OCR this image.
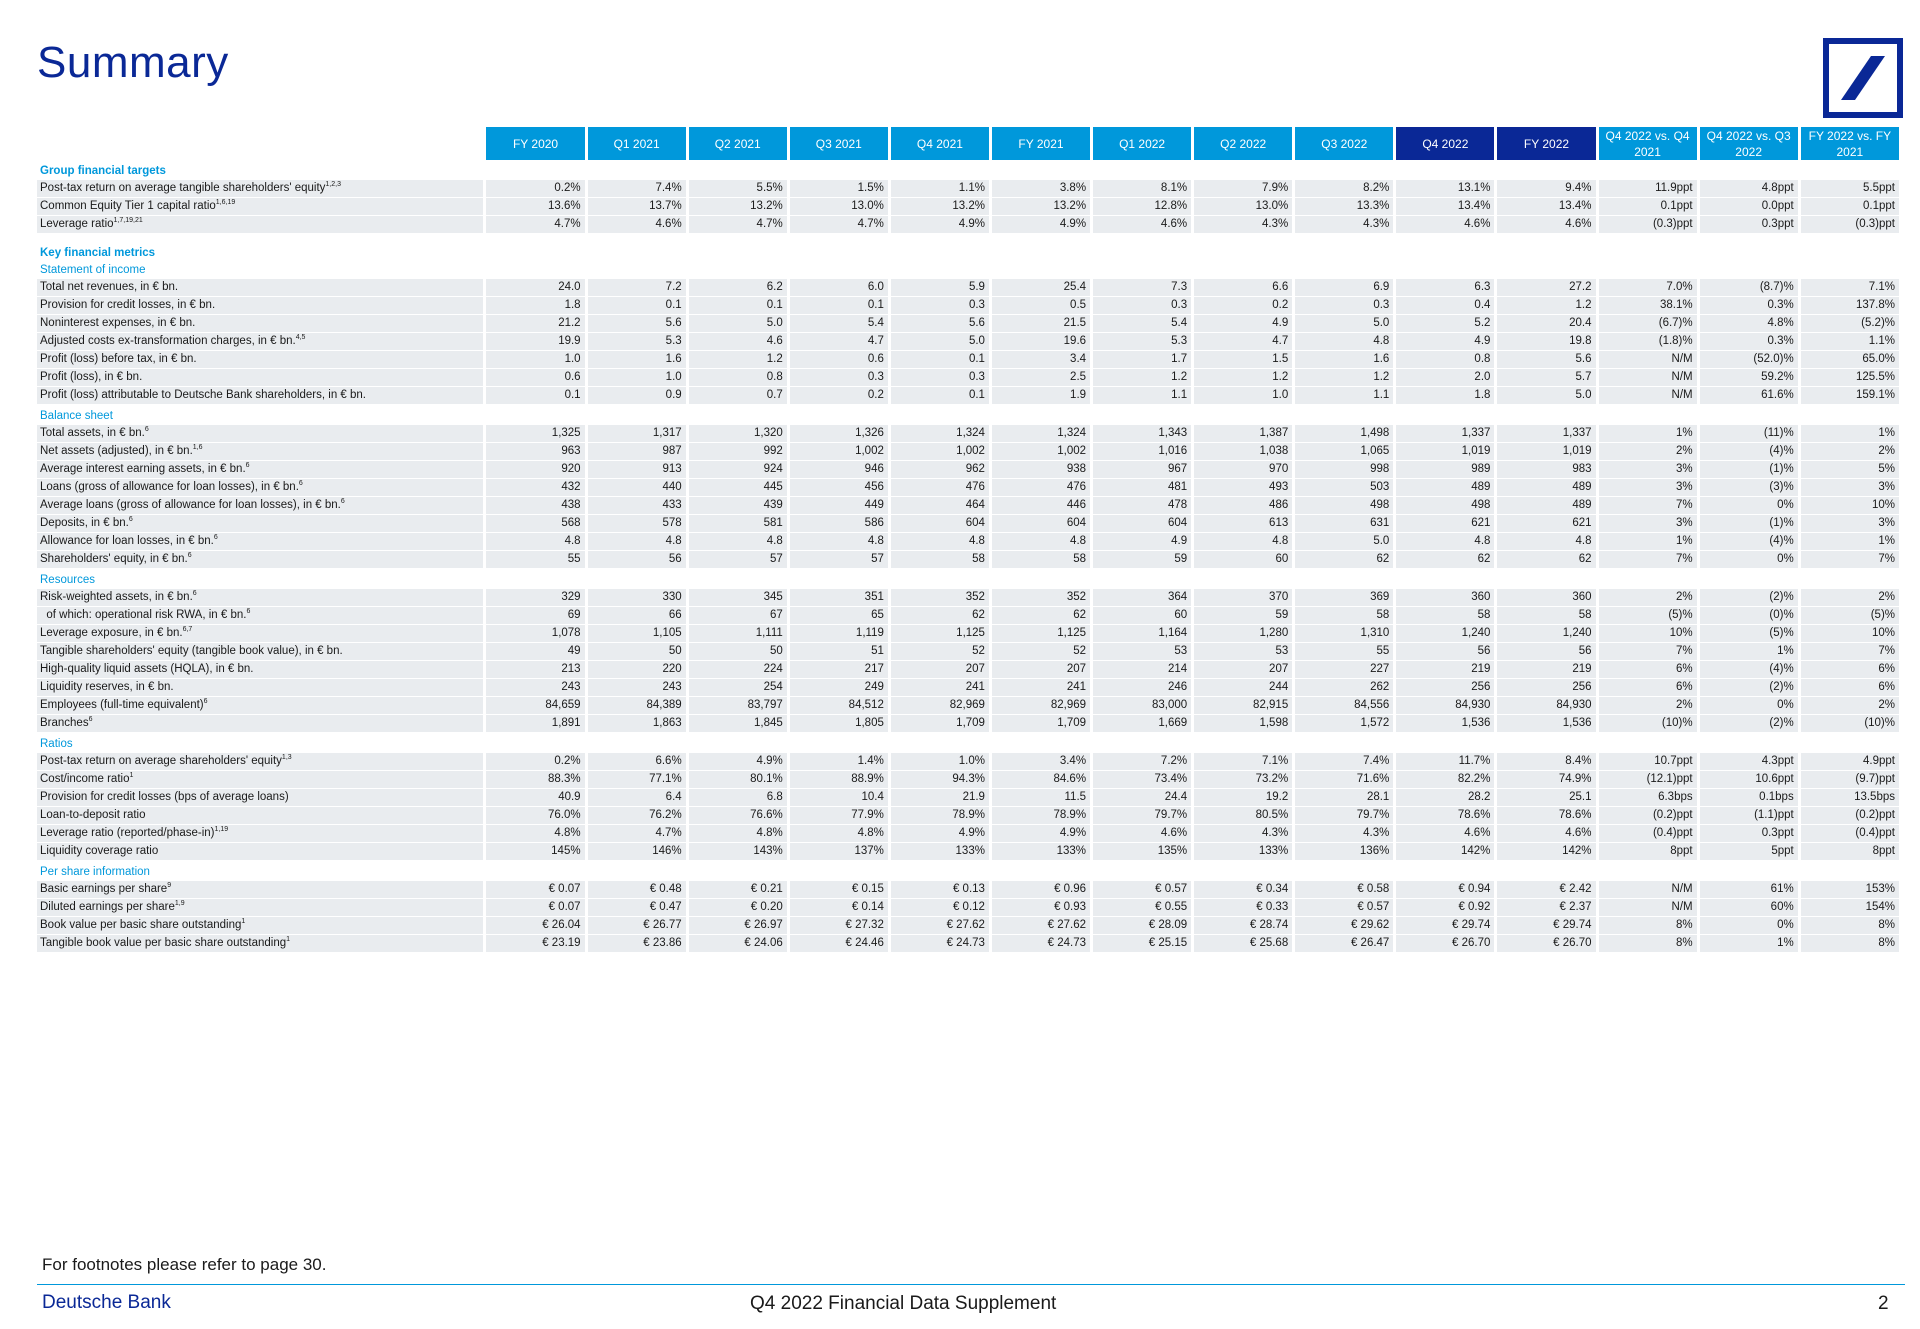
Summary
	FY 2020	Q1 2021	Q2 2021	Q3 2021	Q4 2021	FY 2021	Q1 2022	Q2 2022	Q3 2022	Q4 2022	FY 2022	Q4 2022 vs. Q4 2021	Q4 2022 vs. Q3 2022	FY 2022 vs. FY 2021
Group financial targets														
Post-tax return on average tangible shareholders' equity$^{1,2,3}$	0.2%	7.4%	5.5%	1.5%	1.1%	3.8%	8.1%	7.9%	8.2%	13.1%	9.4%	11.9ppt	4.8ppt	5.5ppt
Common Equity Tier 1 capital ratio$^{1,6,19}$	13.6%	13.7%	13.2%	13.0%	13.2%	13.2%	12.8%	13.0%	13.3%	13.4%	13.4%	0.1ppt	0.0ppt	0.1ppt
Leverage ratio$^{1,7,19,21}$	4.7%	4.6%	4.7%	4.7%	4.9%	4.9%	4.6%	4.3%	4.3%	4.6%	4.6%	(0.3)ppt	0.3ppt	(0.3)ppt

Key financial metrics														
Statement of income														
Total net revenues, in € bn.	24.0	7.2	6.2	6.0	5.9	25.4	7.3	6.6	6.9	6.3	27.2	7.0%	(8.7)%	7.1%
Provision for credit losses, in € bn.	1.8	0.1	0.1	0.1	0.3	0.5	0.3	0.2	0.3	0.4	1.2	38.1%	0.3%	137.8%
Noninterest expenses, in € bn.	21.2	5.6	5.0	5.4	5.6	21.5	5.4	4.9	5.0	5.2	20.4	(6.7)%	4.8%	(5.2)%
Adjusted costs ex-transformation charges, in € bn.$^{4,5}$	19.9	5.3	4.6	4.7	5.0	19.6	5.3	4.7	4.8	4.9	19.8	(1.8)%	0.3%	1.1%
Profit (loss) before tax, in € bn.	1.0	1.6	1.2	0.6	0.1	3.4	1.7	1.5	1.6	0.8	5.6	N/M	(52.0)%	65.0%
Profit (loss), in € bn.	0.6	1.0	0.8	0.3	0.3	2.5	1.2	1.2	1.2	2.0	5.7	N/M	59.2%	125.5%
Profit (loss) attributable to Deutsche Bank shareholders, in € bn.	0.1	0.9	0.7	0.2	0.1	1.9	1.1	1.0	1.1	1.8	5.0	N/M	61.6%	159.1%
Balance sheet														
Total assets, in € bn.$^6$	1,325	1,317	1,320	1,326	1,324	1,324	1,343	1,387	1,498	1,337	1,337	1%	(11)%	1%
Net assets (adjusted), in € bn.$^{1,6}$	963	987	992	1,002	1,002	1,002	1,016	1,038	1,065	1,019	1,019	2%	(4)%	2%
Average interest earning assets, in € bn.$^6$	920	913	924	946	962	938	967	970	998	989	983	3%	(1)%	5%
Loans (gross of allowance for loan losses), in € bn.$^6$	432	440	445	456	476	476	481	493	503	489	489	3%	(3)%	3%
Average loans (gross of allowance for loan losses), in € bn.$^6$	438	433	439	449	464	446	478	486	498	498	489	7%	0%	10%
Deposits, in € bn.$^6$	568	578	581	586	604	604	604	613	631	621	621	3%	(1)%	3%
Allowance for loan losses, in € bn.$^6$	4.8	4.8	4.8	4.8	4.8	4.8	4.9	4.8	5.0	4.8	4.8	1%	(4)%	1%
Shareholders' equity, in € bn.$^6$	55	56	57	57	58	58	59	60	62	62	62	7%	0%	7%
Resources														
Risk-weighted assets, in € bn.$^6$	329	330	345	351	352	352	364	370	369	360	360	2%	(2)%	2%
of which: operational risk RWA, in € bn.$^6$	69	66	67	65	62	62	60	59	58	58	58	(5)%	(0)%	(5)%
Leverage exposure, in € bn.$^{6,7}$	1,078	1,105	1,111	1,119	1,125	1,125	1,164	1,280	1,310	1,240	1,240	10%	(5)%	10%
Tangible shareholders' equity (tangible book value), in € bn.	49	50	50	51	52	52	53	53	55	56	56	7%	1%	7%
High-quality liquid assets (HQLA), in € bn.	213	220	224	217	207	207	214	207	227	219	219	6%	(4)%	6%
Liquidity reserves, in € bn.	243	243	254	249	241	241	246	244	262	256	256	6%	(2)%	6%
Employees (full-time equivalent)$^6$	84,659	84,389	83,797	84,512	82,969	82,969	83,000	82,915	84,556	84,930	84,930	2%	0%	2%
Branches$^6$	1,891	1,863	1,845	1,805	1,709	1,709	1,669	1,598	1,572	1,536	1,536	(10)%	(2)%	(10)%
Ratios														
Post-tax return on average shareholders' equity$^{1,3}$	0.2%	6.6%	4.9%	1.4%	1.0%	3.4%	7.2%	7.1%	7.4%	11.7%	8.4%	10.7ppt	4.3ppt	4.9ppt
Cost/income ratio$^1$	88.3%	77.1%	80.1%	88.9%	94.3%	84.6%	73.4%	73.2%	71.6%	82.2%	74.9%	(12.1)ppt	10.6ppt	(9.7)ppt
Provision for credit losses (bps of average loans)	40.9	6.4	6.8	10.4	21.9	11.5	24.4	19.2	28.1	28.2	25.1	6.3bps	0.1bps	13.5bps
Loan-to-deposit ratio	76.0%	76.2%	76.6%	77.9%	78.9%	78.9%	79.7%	80.5%	79.7%	78.6%	78.6%	(0.2)ppt	(1.1)ppt	(0.2)ppt
Leverage ratio (reported/phase-in)$^{1,19}$	4.8%	4.7%	4.8%	4.8%	4.9%	4.9%	4.6%	4.3%	4.3%	4.6%	4.6%	(0.4)ppt	0.3ppt	(0.4)ppt
Liquidity coverage ratio	145%	146%	143%	137%	133%	133%	135%	133%	136%	142%	142%	8ppt	5ppt	8ppt
Per share information														
Basic earnings per share$^9$	€ 0.07	€ 0.48	€ 0.21	€ 0.15	€ 0.13	€ 0.96	€ 0.57	€ 0.34	€ 0.58	€ 0.94	€ 2.42	N/M	61%	153%
Diluted earnings per share$^{1,9}$	€ 0.07	€ 0.47	€ 0.20	€ 0.14	€ 0.12	€ 0.93	€ 0.55	€ 0.33	€ 0.57	€ 0.92	€ 2.37	N/M	60%	154%
Book value per basic share outstanding$^1$	€ 26.04	€ 26.77	€ 26.97	€ 27.32	€ 27.62	€ 27.62	€ 28.09	€ 28.74	€ 29.62	€ 29.74	€ 29.74	8%	0%	8%
Tangible book value per basic share outstanding$^1$	€ 23.19	€ 23.86	€ 24.06	€ 24.46	€ 24.73	€ 24.73	€ 25.15	€ 25.68	€ 26.47	€ 26.70	€ 26.70	8%	1%	8%
For footnotes please refer to page 30.
Deutsche Bank	Q4 2022 Financial Data Supplement	2
